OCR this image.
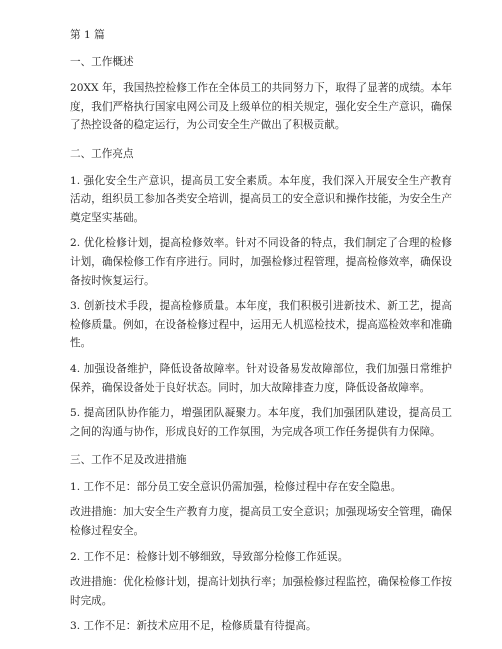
第 1 篇

一、工作概述

20XX 年，我国热控检修工作在全体员工的共同努力下，取得了显著的成绩。本年度，我们严格执行国家电网公司及上级单位的相关规定，强化安全生产意识，确保了热控设备的稳定运行，为公司安全生产做出了积极贡献。

二、工作亮点

1. 强化安全生产意识，提高员工安全素质。本年度，我们深入开展安全生产教育活动，组织员工参加各类安全培训，提高员工的安全意识和操作技能，为安全生产奠定坚实基础。

2. 优化检修计划，提高检修效率。针对不同设备的特点，我们制定了合理的检修计划，确保检修工作有序进行。同时，加强检修过程管理，提高检修效率，确保设备按时恢复运行。

3. 创新技术手段，提高检修质量。本年度，我们积极引进新技术、新工艺，提高检修质量。例如，在设备检修过程中，运用无人机巡检技术，提高巡检效率和准确性。

4. 加强设备维护，降低设备故障率。针对设备易发故障部位，我们加强日常维护保养，确保设备处于良好状态。同时，加大故障排查力度，降低设备故障率。

5. 提高团队协作能力，增强团队凝聚力。本年度，我们加强团队建设，提高员工之间的沟通与协作，形成良好的工作氛围，为完成各项工作任务提供有力保障。

三、工作不足及改进措施

1. 工作不足：部分员工安全意识仍需加强，检修过程中存在安全隐患。

改进措施：加大安全生产教育力度，提高员工安全意识；加强现场安全管理，确保检修过程安全。

2. 工作不足：检修计划不够细致，导致部分检修工作延误。

改进措施：优化检修计划，提高计划执行率；加强检修过程监控，确保检修工作按时完成。

3. 工作不足：新技术应用不足，检修质量有待提高。
